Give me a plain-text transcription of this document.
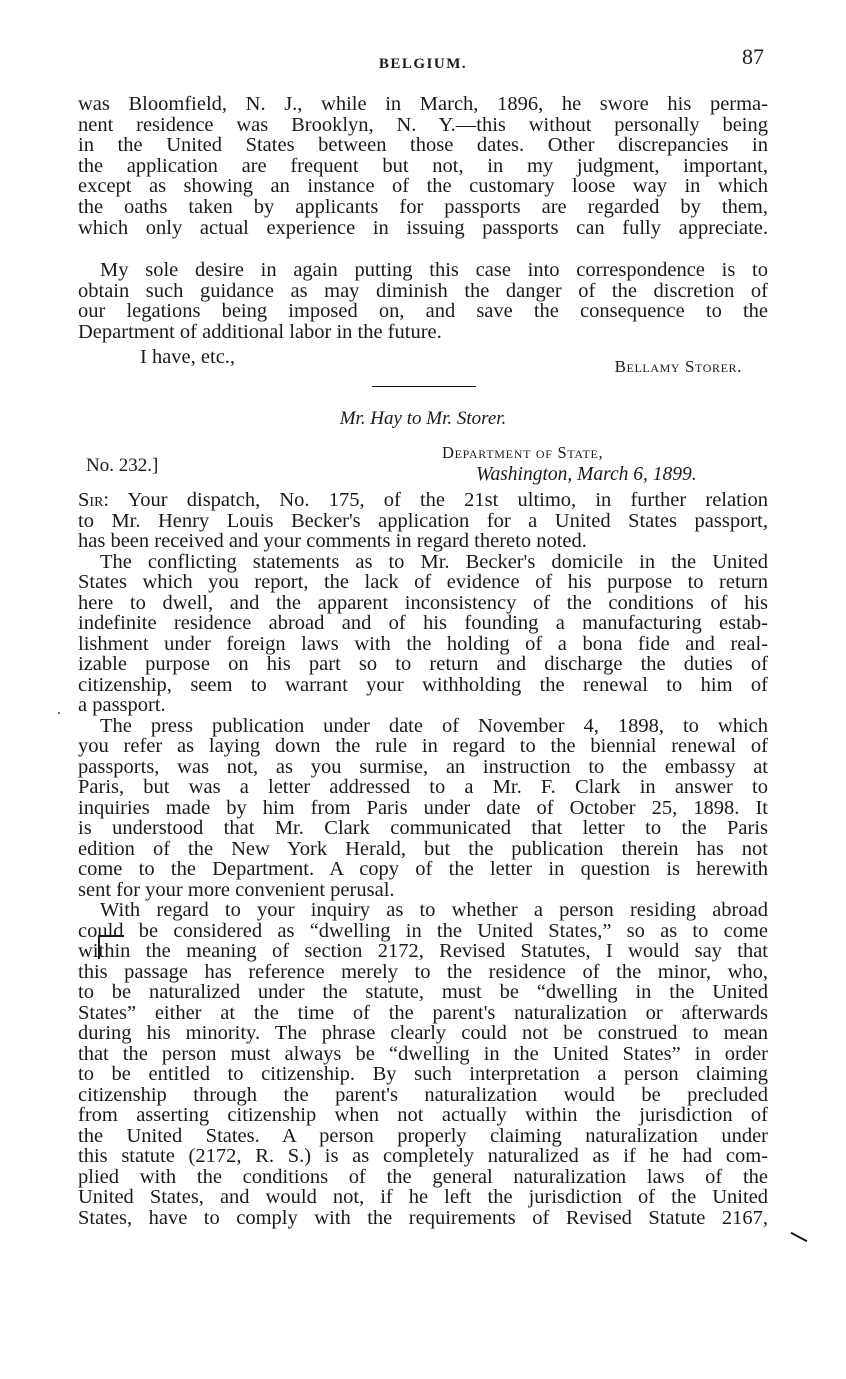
BELGIUM.	87
was Bloomfield, N. J., while in March, 1896, he swore his perma-
nent residence was Brooklyn, N. Y.—this without personally being
in the United States between those dates. Other discrepancies in
the application are frequent but not, in my judgment, important,
except as showing an instance of the customary loose way in which
the oaths taken by applicants for passports are regarded by them,
which only actual experience in issuing passports can fully appreciate.
My sole desire in again putting this case into correspondence is to
obtain such guidance as may diminish the danger of the discretion of
our legations being imposed on, and save the consequence to the
Department of additional labor in the future.
I have, etc.,	Bellamy Storer.
Mr. Hay to Mr. Storer.
No. 232.]
Department of State,
Washington, March 6, 1899.
Sir: Your dispatch, No. 175, of the 21st ultimo, in further relation
to Mr. Henry Louis Becker's application for a United States passport,
has been received and your comments in regard thereto noted.
The conflicting statements as to Mr. Becker's domicile in the United
States which you report, the lack of evidence of his purpose to return
here to dwell, and the apparent inconsistency of the conditions of his
indefinite residence abroad and of his founding a manufacturing estab-
lishment under foreign laws with the holding of a bona fide and real-
izable purpose on his part so to return and discharge the duties of
citizenship, seem to warrant your withholding the renewal to him of
a passport.
The press publication under date of November 4, 1898, to which
you refer as laying down the rule in regard to the biennial renewal of
passports, was not, as you surmise, an instruction to the embassy at
Paris, but was a letter addressed to a Mr. F. Clark in answer to
inquiries made by him from Paris under date of October 25, 1898. It
is understood that Mr. Clark communicated that letter to the Paris
edition of the New York Herald, but the publication therein has not
come to the Department. A copy of the letter in question is herewith
sent for your more convenient perusal.
With regard to your inquiry as to whether a person residing abroad
could be considered as “dwelling in the United States,” so as to come
within the meaning of section 2172, Revised Statutes, I would say that
this passage has reference merely to the residence of the minor, who,
to be naturalized under the statute, must be “dwelling in the United
States” either at the time of the parent's naturalization or afterwards
during his minority. The phrase clearly could not be construed to mean
that the person must always be “dwelling in the United States” in order
to be entitled to citizenship. By such interpretation a person claiming
citizenship through the parent's naturalization would be precluded
from asserting citizenship when not actually within the jurisdiction of
the United States. A person properly claiming naturalization under
this statute (2172, R. S.) is as completely naturalized as if he had com-
plied with the conditions of the general naturalization laws of the
United States, and would not, if he left the jurisdiction of the United
States, have to comply with the requirements of Revised Statute 2167,
